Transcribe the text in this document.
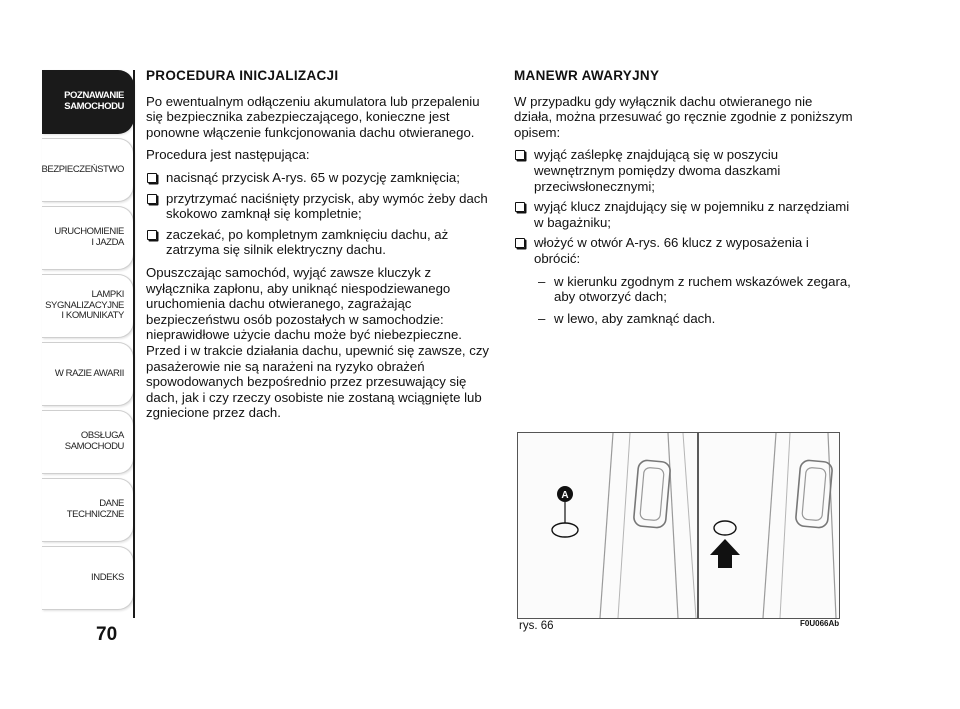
POZNAWANIE
SAMOCHODU
BEZPIECZEŃSTWO
URUCHOMIENIE
I JAZDA
LAMPKI
SYGNALIZACYJNE
I KOMUNIKATY
W RAZIE AWARII
OBSŁUGA
SAMOCHODU
DANE
TECHNICZNE
INDEKS
70
PROCEDURA INICJALIZACJI

Po ewentualnym odłączeniu akumulatora lub przepaleniu się bezpiecznika zabezpieczającego, konieczne jest ponowne włączenie funkcjonowania dachu otwieranego.

Procedura jest następująca:

nacisnąć przycisk A-rys. 65 w pozycję zamknięcia;
przytrzymać naciśnięty przycisk, aby wymóc żeby dach skokowo zamknął się kompletnie;
zaczekać, po kompletnym zamknięciu dachu, aż zatrzyma się silnik elektryczny dachu.

Opuszczając samochód, wyjąć zawsze kluczyk z wyłącznika zapłonu, aby uniknąć niespodziewanego uruchomienia dachu otwieranego, zagrażając bezpieczeństwu osób pozostałych w samochodzie: nieprawidłowe użycie dachu może być niebezpieczne. Przed i w trakcie działania dachu, upewnić się zawsze, czy pasażerowie nie są narażeni na ryzyko obrażeń spowodowanych bezpośrednio przez przesuwający się dach, jak i czy rzeczy osobiste nie zostaną wciągnięte lub zgniecione przez dach.

MANEWR AWARYJNY

W przypadku gdy wyłącznik dachu otwieranego nie działa, można przesuwać go ręcznie zgodnie z poniższym opisem:

wyjąć zaślepkę znajdującą się w poszyciu wewnętrznym pomiędzy dwoma daszkami przeciwsłonecznymi;
wyjąć klucz znajdujący się w pojemniku z narzędziami w bagażniku;
włożyć w otwór A-rys. 66 klucz z wyposażenia i obrócić:
– w kierunku zgodnym z ruchem wskazówek zegara, aby otworzyć dach;
– w lewo, aby zamknąć dach.
A
rys. 66	F0U066Ab
